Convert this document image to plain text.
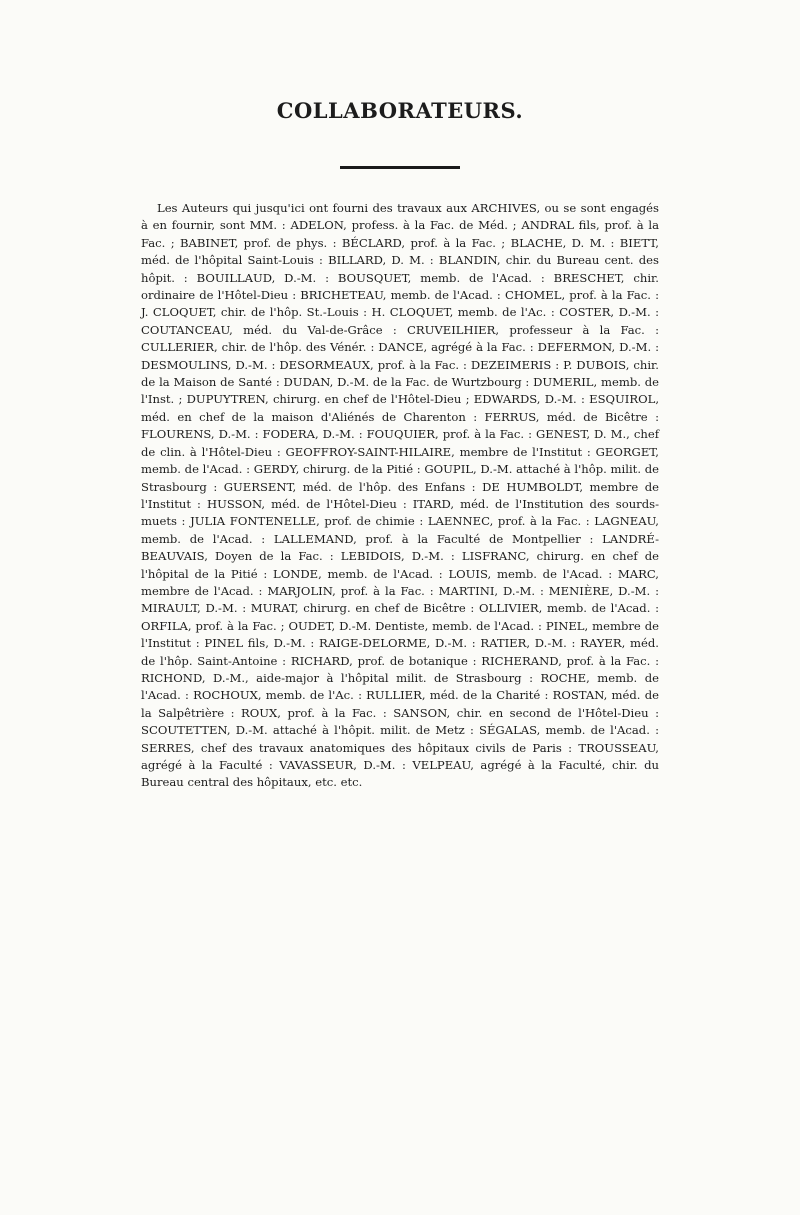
COLLABORATEURS.

Les Auteurs qui jusqu'ici ont fourni des travaux aux ARCHIVES, ou se sont engagés à en fournir, sont MM. : ADELON, profess. à la Fac. de Méd. ; ANDRAL fils, prof. à la Fac. ; BABINET, prof. de phys. : BÉCLARD, prof. à la Fac. ; BLACHE, D. M. : BIETT, méd. de l'hôpital Saint-Louis : BILLARD, D. M. : BLANDIN, chir. du Bureau cent. des hôpit. : BOUILLAUD, D.-M. : BOUSQUET, memb. de l'Acad. : BRESCHET, chir. ordinaire de l'Hôtel-Dieu : BRICHETEAU, memb. de l'Acad. : CHOMEL, prof. à la Fac. : J. CLOQUET, chir. de l'hôp. St.-Louis : H. CLOQUET, memb. de l'Ac. : COSTER, D.-M. : COUTANCEAU, méd. du Val-de-Grâce : CRUVEILHIER, professeur à la Fac. : CULLERIER, chir. de l'hôp. des Vénér. : DANCE, agrégé à la Fac. : DEFERMON, D.-M. : DESMOULINS, D.-M. : DESORMEAUX, prof. à la Fac. : DEZEIMERIS : P. DUBOIS, chir. de la Maison de Santé : DUDAN, D.-M. de la Fac. de Wurtzbourg : DUMERIL, memb. de l'Inst. ; DUPUYTREN, chirurg. en chef de l'Hôtel-Dieu ; EDWARDS, D.-M. : ESQUIROL, méd. en chef de la maison d'Aliénés de Charenton : FERRUS, méd. de Bicêtre : FLOURENS, D.-M. : FODERA, D.-M. : FOUQUIER, prof. à la Fac. : GENEST, D. M., chef de clin. à l'Hôtel-Dieu : GEOFFROY-SAINT-HILAIRE, membre de l'Institut : GEORGET, memb. de l'Acad. : GERDY, chirurg. de la Pitié : GOUPIL, D.-M. attaché à l'hôp. milit. de Strasbourg : GUERSENT, méd. de l'hôp. des Enfans : DE HUMBOLDT, membre de l'Institut : HUSSON, méd. de l'Hôtel-Dieu : ITARD, méd. de l'Institution des sourds-muets : JULIA FONTENELLE, prof. de chimie : LAENNEC, prof. à la Fac. : LAGNEAU, memb. de l'Acad. : LALLEMAND, prof. à la Faculté de Montpellier : LANDRÉ-BEAUVAIS, Doyen de la Fac. : LEBIDOIS, D.-M. : LISFRANC, chirurg. en chef de l'hôpital de la Pitié : LONDE, memb. de l'Acad. : LOUIS, memb. de l'Acad. : MARC, membre de l'Acad. : MARJOLIN, prof. à la Fac. : MARTINI, D.-M. : MENIÈRE, D.-M. : MIRAULT, D.-M. : MURAT, chirurg. en chef de Bicêtre : OLLIVIER, memb. de l'Acad. : ORFILA, prof. à la Fac. ; OUDET, D.-M. Dentiste, memb. de l'Acad. : PINEL, membre de l'Institut : PINEL fils, D.-M. : RAIGE-DELORME, D.-M. : RATIER, D.-M. : RAYER, méd. de l'hôp. Saint-Antoine : RICHARD, prof. de botanique : RICHERAND, prof. à la Fac. : RICHOND, D.-M., aide-major à l'hôpital milit. de Strasbourg : ROCHE, memb. de l'Acad. : ROCHOUX, memb. de l'Ac. : RULLIER, méd. de la Charité : ROSTAN, méd. de la Salpêtrière : ROUX, prof. à la Fac. : SANSON, chir. en second de l'Hôtel-Dieu : SCOUTETTEN, D.-M. attaché à l'hôpit. milit. de Metz : SÉGALAS, memb. de l'Acad. : SERRES, chef des travaux anatomiques des hôpitaux civils de Paris : TROUSSEAU, agrégé à la Faculté : VAVASSEUR, D.-M. : VELPEAU, agrégé à la Faculté, chir. du Bureau central des hôpitaux, etc. etc.
